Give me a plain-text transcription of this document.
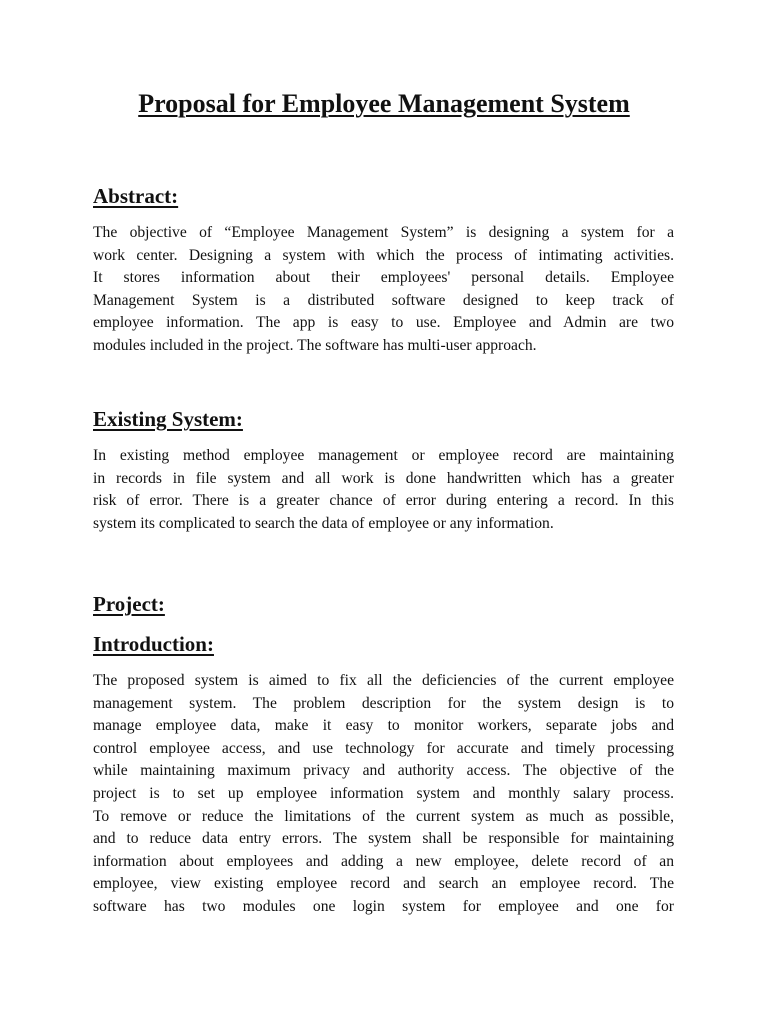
Proposal for Employee Management System
Abstract:
The objective of “Employee Management System” is designing a system for a
work center. Designing a system with which the process of intimating activities.
It stores information about their employees' personal details. Employee
Management System is a distributed software designed to keep track of
employee information. The app is easy to use. Employee and Admin are two
modules included in the project. The software has multi-user approach.
Existing System:
In existing method employee management or employee record are maintaining
in records in file system and all work is done handwritten which has a greater
risk of error. There is a greater chance of error during entering a record. In this
system its complicated to search the data of employee or any information.
Project:
Introduction:
The proposed system is aimed to fix all the deficiencies of the current employee
management system. The problem description for the system design is to
manage employee data, make it easy to monitor workers, separate jobs and
control employee access, and use technology for accurate and timely processing
while maintaining maximum privacy and authority access. The objective of the
project is to set up employee information system and monthly salary process.
To remove or reduce the limitations of the current system as much as possible,
and to reduce data entry errors. The system shall be responsible for maintaining
information about employees and adding a new employee, delete record of an
employee, view existing employee record and search an employee record. The
software has two modules one login system for employee and one for
